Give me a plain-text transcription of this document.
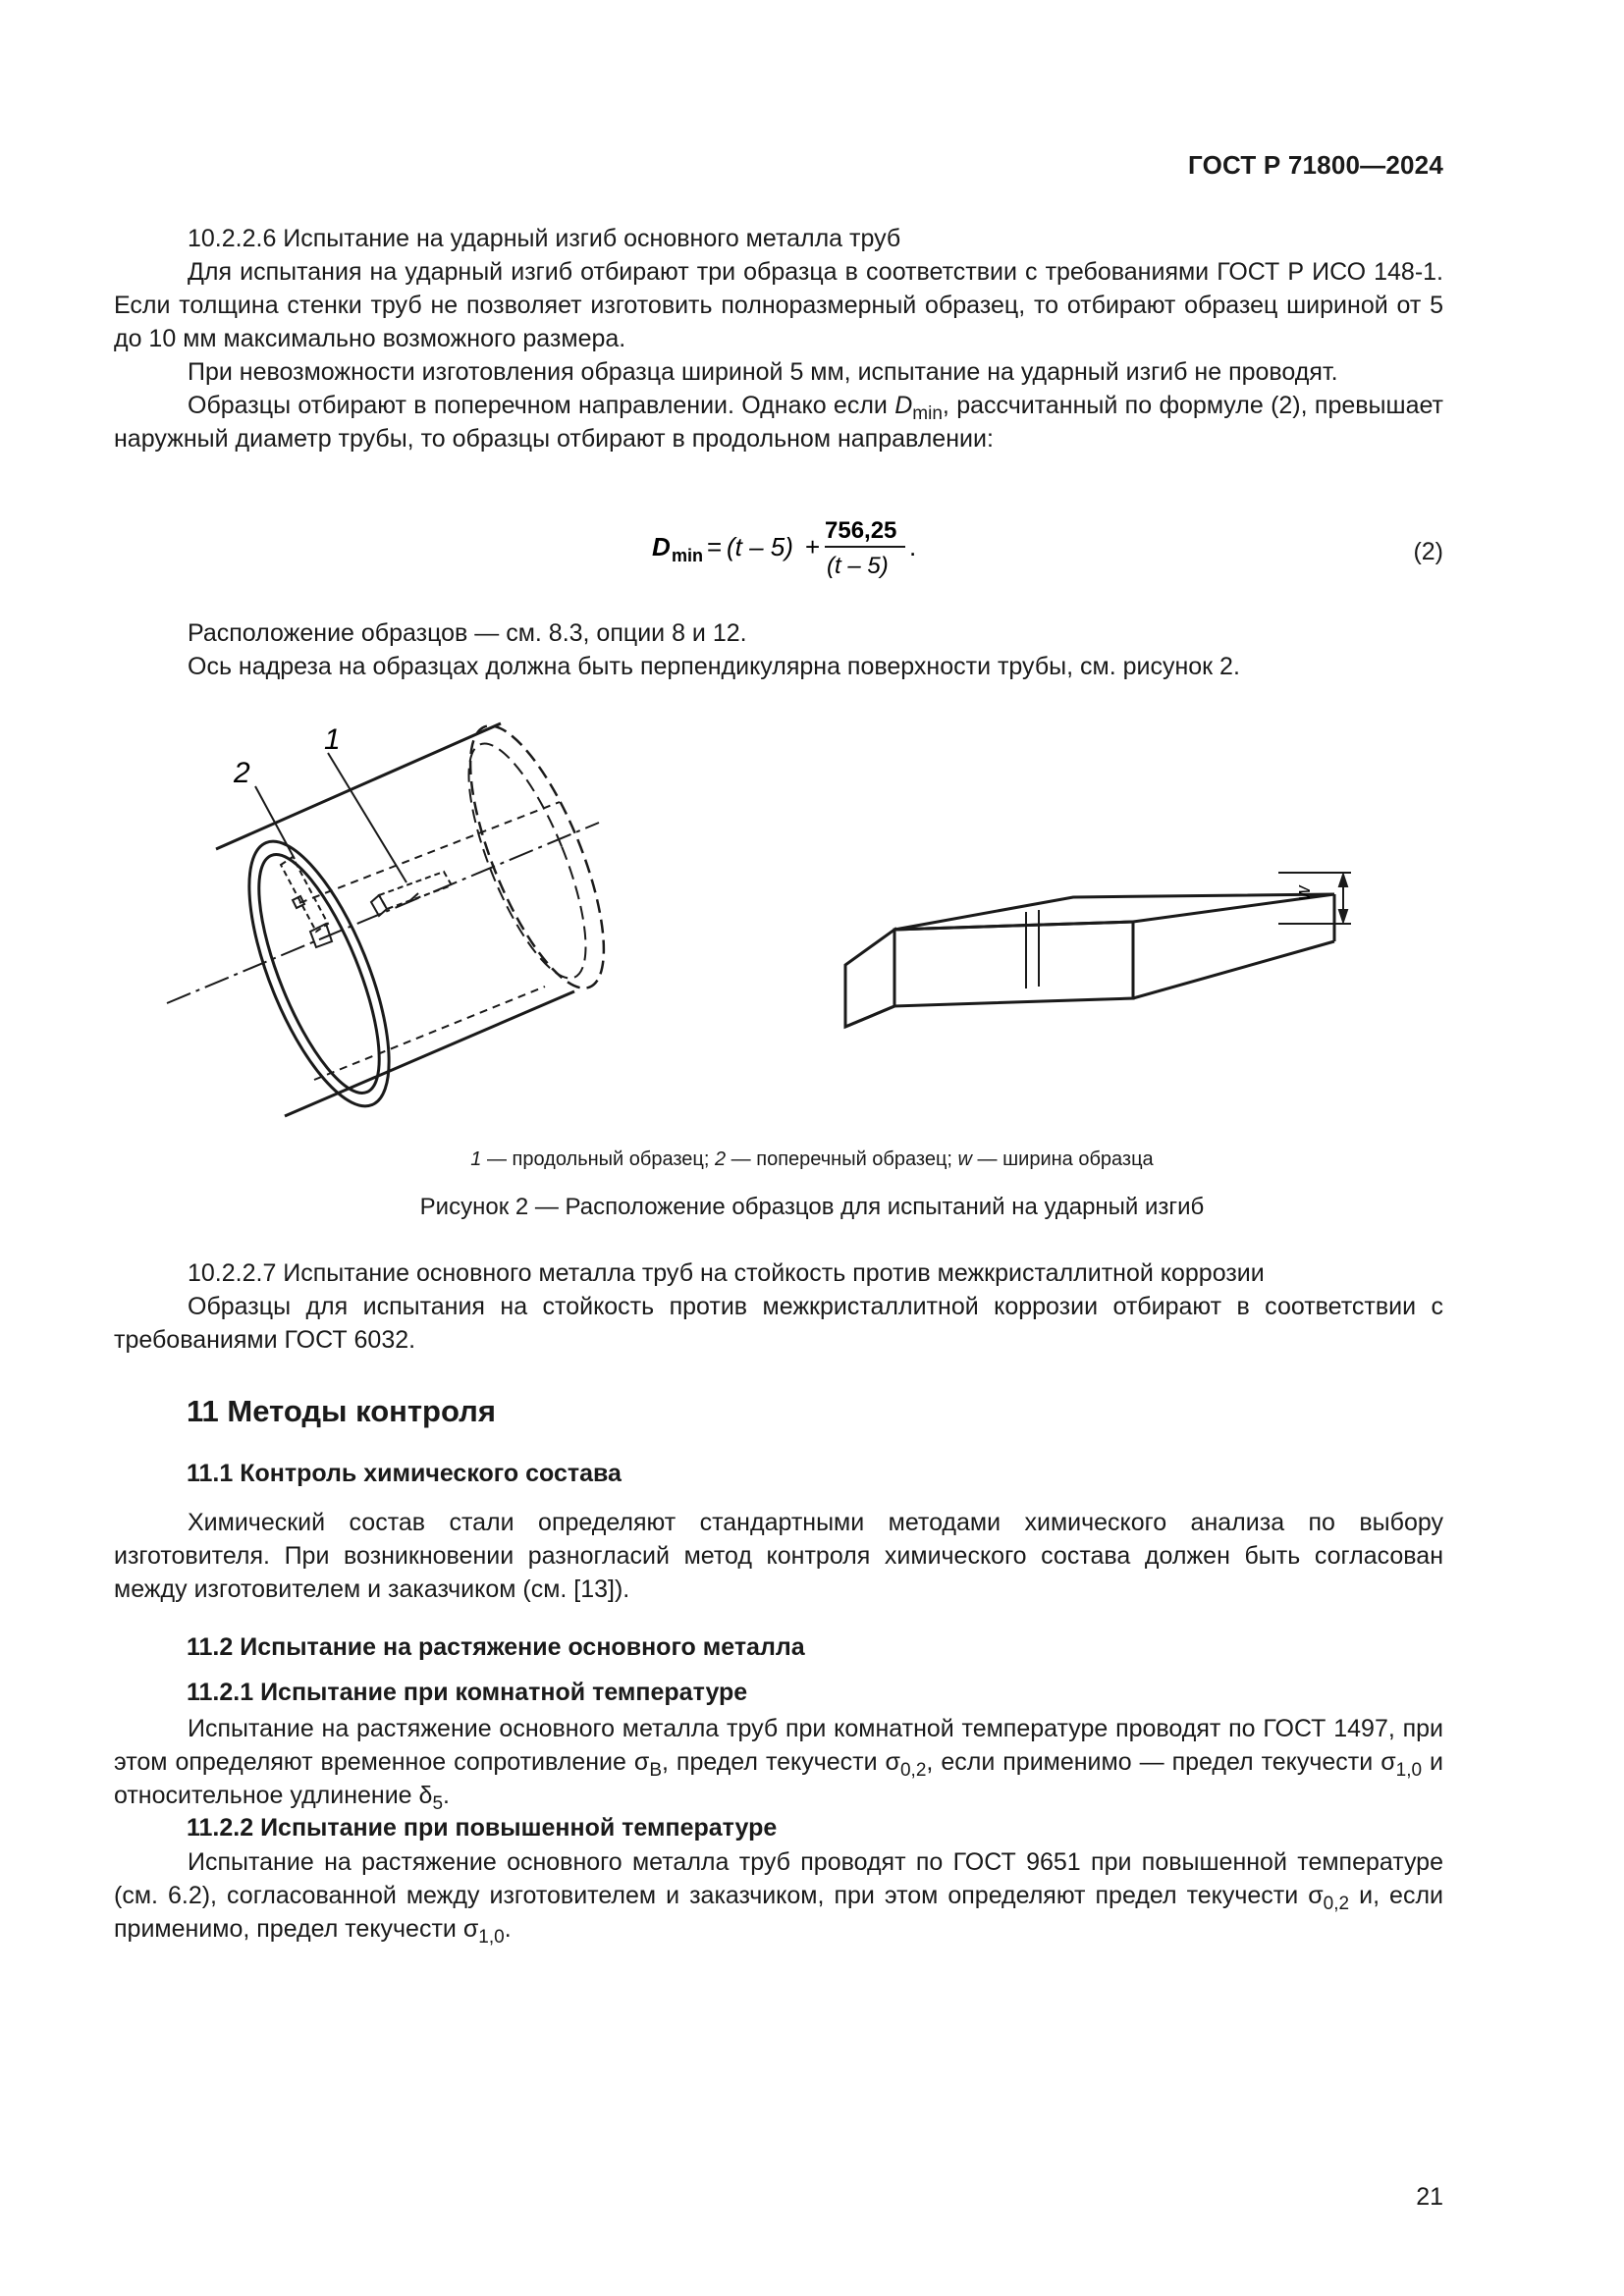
ГОСТ Р 71800—2024

10.2.2.6 Испытание на ударный изгиб основного металла труб

Для испытания на ударный изгиб отбирают три образца в соответствии с требованиями ГОСТ Р ИСО 148-1. Если толщина стенки труб не позволяет изготовить полноразмерный образец, то отбирают образец шириной от 5 до 10 мм максимально возможного размера.

При невозможности изготовления образца шириной 5 мм, испытание на ударный изгиб не проводят.

Образцы отбирают в поперечном направлении. Однако если $D_{min}$, рассчитанный по формуле (2), превышает наружный диаметр трубы, то образцы отбирают в продольном направлении:

D min = (t – 5) +
756,25
(t – 5)
.	(2)

Расположение образцов — см. 8.3, опции 8 и 12.

Ось надреза на образцах должна быть перпендикулярна поверхности трубы, см. рисунок 2.

2
1
w
1 — продольный образец; 2 — поперечный образец; w — ширина образца
Рисунок 2 — Расположение образцов для испытаний на ударный изгиб

10.2.2.7 Испытание основного металла труб на стойкость против межкристаллитной коррозии

Образцы для испытания на стойкость против межкристаллитной коррозии отбирают в соответствии с требованиями ГОСТ 6032.

11 Методы контроля
11.1 Контроль химического состава

Химический состав стали определяют стандартными методами химического анализа по выбору изготовителя. При возникновении разногласий метод контроля химического состава должен быть согласован между изготовителем и заказчиком (см. [13]).

11.2 Испытание на растяжение основного металла
11.2.1 Испытание при комнатной температуре

Испытание на растяжение основного металла труб при комнатной температуре проводят по ГОСТ 1497, при этом определяют временное сопротивление $\sigma_В$, предел текучести $\sigma_{0,2}$, если применимо — предел текучести $\sigma_{1,0}$ и относительное удлинение $\delta_5$.

11.2.2 Испытание при повышенной температуре

Испытание на растяжение основного металла труб проводят по ГОСТ 9651 при повышенной температуре (см. 6.2), согласованной между изготовителем и заказчиком, при этом определяют предел текучести $\sigma_{0,2}$ и, если применимо, предел текучести $\sigma_{1,0}$.

21
